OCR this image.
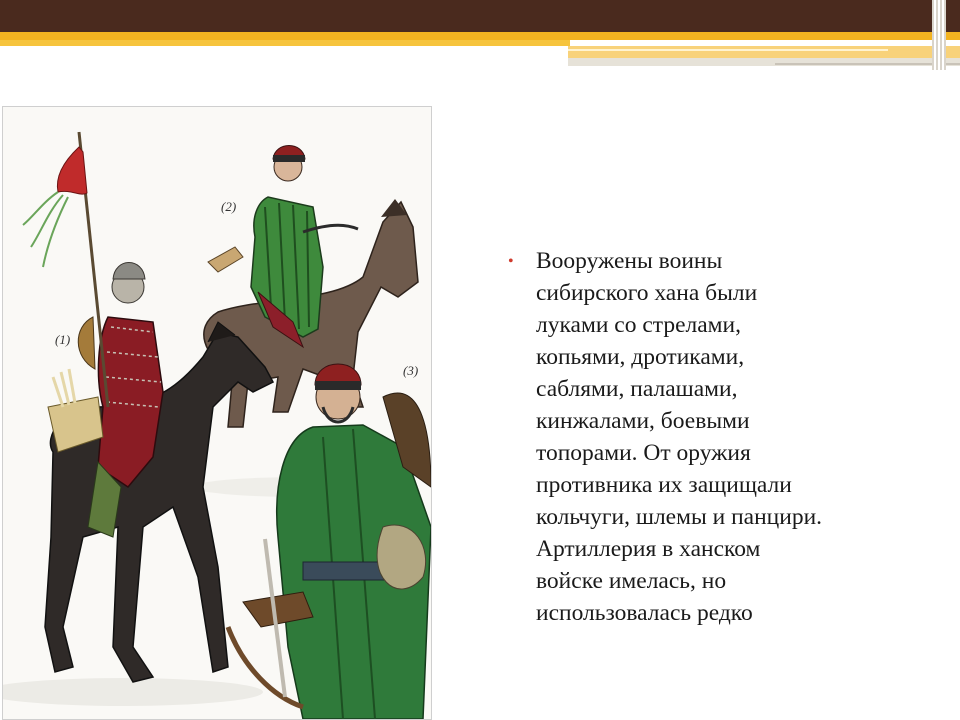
(2)
(1)
(3)
• Вооружены воины
сибирского хана были
луками со стрелами,
копьями, дротиками,
саблями, палашами,
кинжалами, боевыми
топорами. От оружия
противника их защищали
кольчуги, шлемы и панцири.
Артиллерия в ханском
войске имелась, но
использовалась редко
